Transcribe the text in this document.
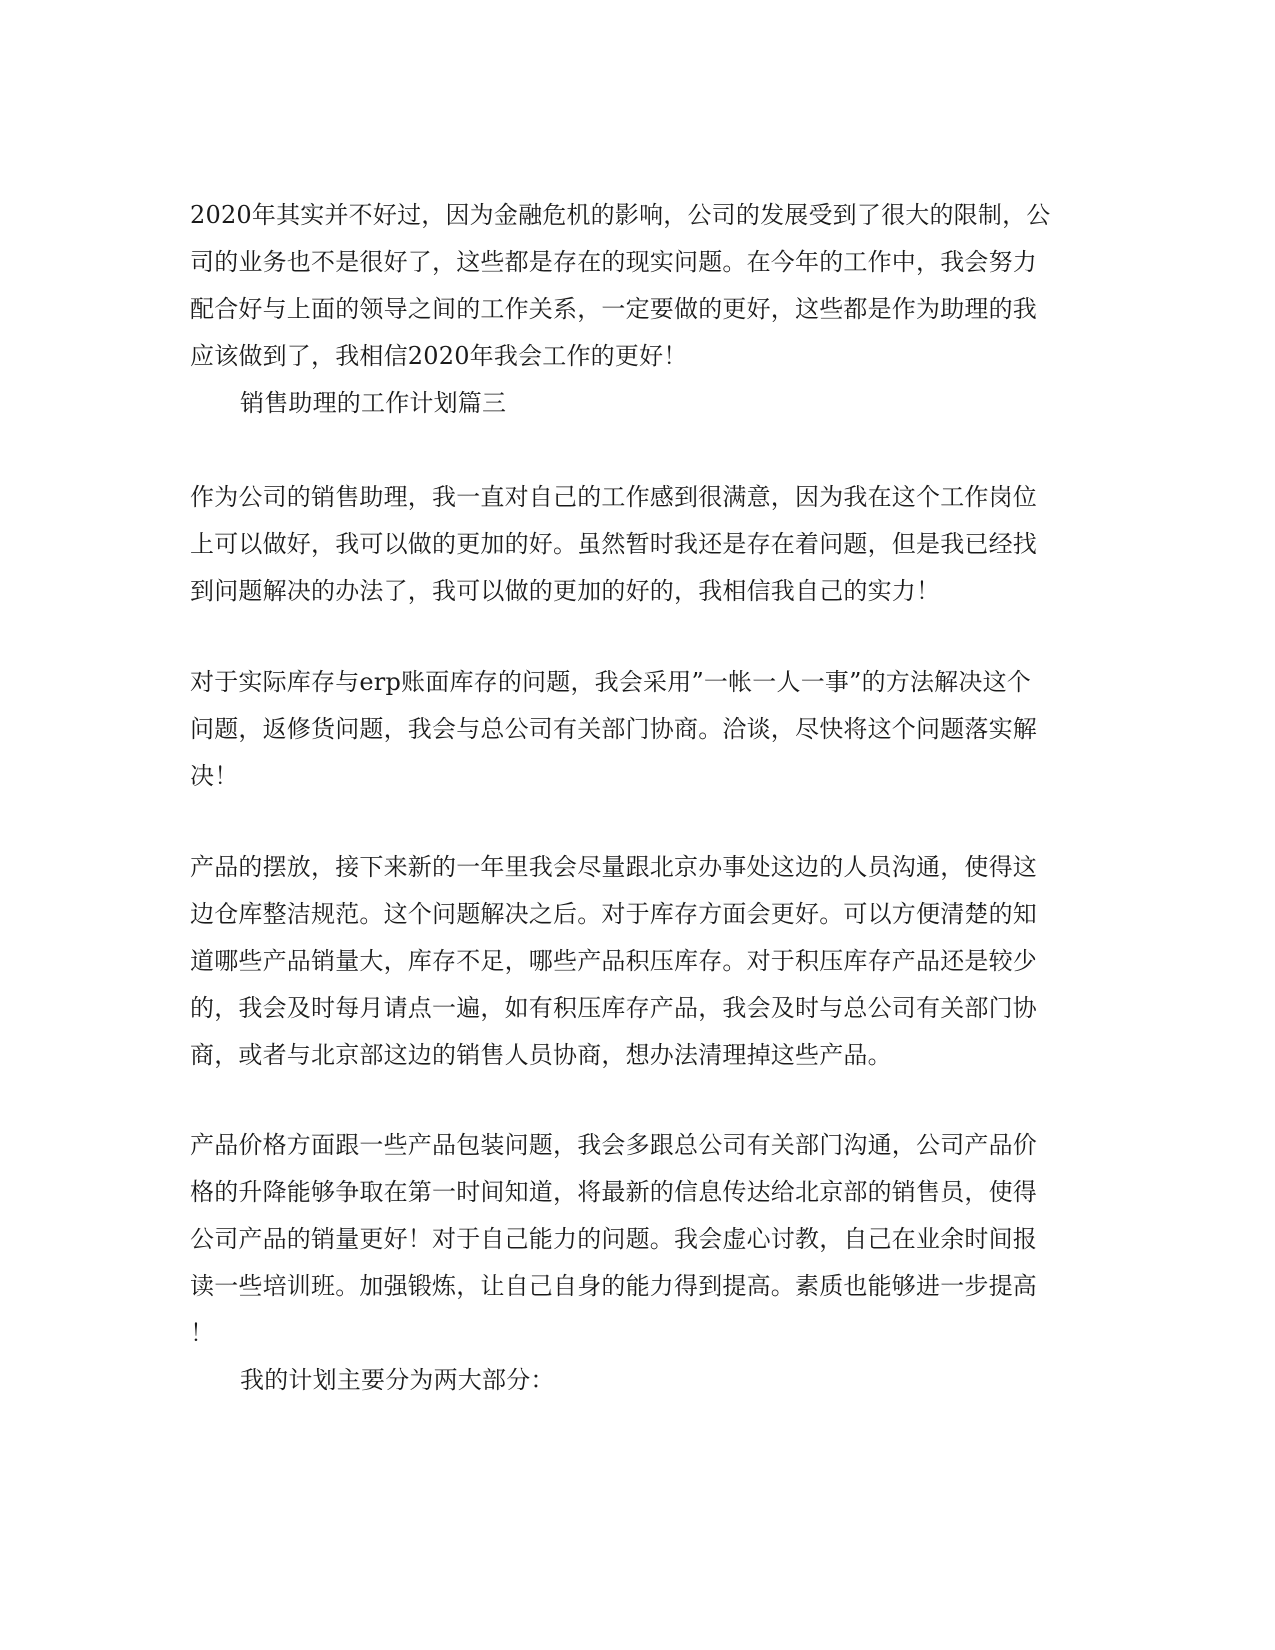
2020年其实并不好过，因为金融危机的影响，公司的发展受到了很大的限制，公
司的业务也不是很好了，这些都是存在的现实问题。在今年的工作中，我会努力
配合好与上面的领导之间的工作关系，一定要做的更好，这些都是作为助理的我
应该做到了，我相信2020年我会工作的更好！
销售助理的工作计划篇三
作为公司的销售助理，我一直对自己的工作感到很满意，因为我在这个工作岗位
上可以做好，我可以做的更加的好。虽然暂时我还是存在着问题，但是我已经找
到问题解决的办法了，我可以做的更加的好的，我相信我自己的实力！
对于实际库存与erp账面库存的问题，我会采用”一帐一人一事”的方法解决这个
问题，返修货问题，我会与总公司有关部门协商。洽谈，尽快将这个问题落实解
决！
产品的摆放，接下来新的一年里我会尽量跟北京办事处这边的人员沟通，使得这
边仓库整洁规范。这个问题解决之后。对于库存方面会更好。可以方便清楚的知
道哪些产品销量大，库存不足，哪些产品积压库存。对于积压库存产品还是较少
的，我会及时每月请点一遍，如有积压库存产品，我会及时与总公司有关部门协
商，或者与北京部这边的销售人员协商，想办法清理掉这些产品。
产品价格方面跟一些产品包装问题，我会多跟总公司有关部门沟通，公司产品价
格的升降能够争取在第一时间知道，将最新的信息传达给北京部的销售员，使得
公司产品的销量更好！对于自己能力的问题。我会虚心讨教，自己在业余时间报
读一些培训班。加强锻炼，让自己自身的能力得到提高。素质也能够进一步提高
！
我的计划主要分为两大部分：
